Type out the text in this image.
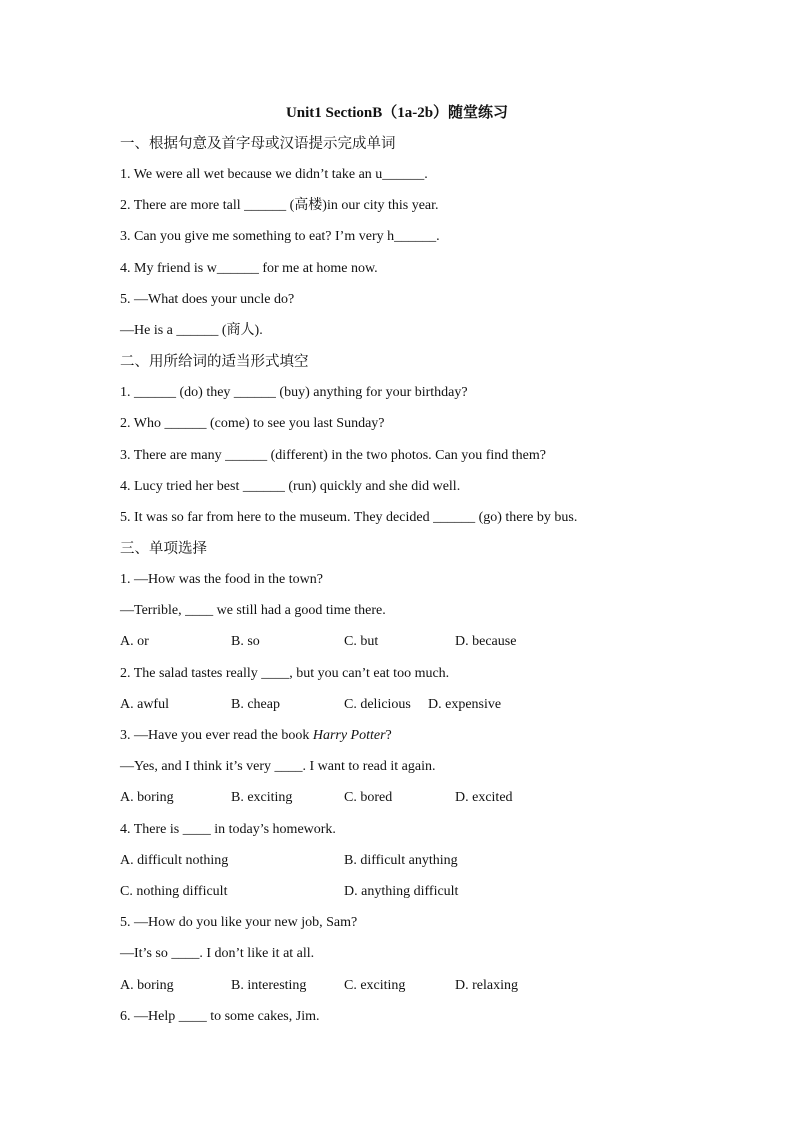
Unit1 SectionB（1a-2b）随堂练习
一、根据句意及首字母或汉语提示完成单词
1. We were all wet because we didn’t take an u______.
2. There are more tall ______ (高楼)in our city this year.
3. Can you give me something to eat? I’m very h______.
4. My friend is w______ for me at home now.
5. —What does your uncle do?
—He is a ______ (商人).
二、用所给词的适当形式填空
1. ______ (do) they ______ (buy) anything for your birthday?
2. Who ______ (come) to see you last Sunday?
3. There are many ______ (different) in the two photos. Can you find them?
4. Lucy tried her best ______ (run) quickly and she did well.
5. It was so far from here to the museum. They decided ______ (go) there by bus.
三、单项选择
1. —How was the food in the town?
—Terrible, ____ we still had a good time there.

A. or

	B. so

	C. but

	D. because

2. The salad tastes really ____, but you can’t eat too much.

A. awful

	B. cheap

	C. delicious

D. expensive

3. —Have you ever read the book Harry Potter?
—Yes, and I think it’s very ____. I want to read it again.

A. boring

	B. exciting

	C. bored

	D. excited

4. There is ____ in today’s homework.

A. difficult nothing

	B. difficult anything

C. nothing difficult

	D. anything difficult

5. —How do you like your new job, Sam?
—It’s so ____. I don’t like it at all.

A. boring

	B. interesting

	C. exciting

	D. relaxing

6. —Help ____ to some cakes, Jim.
